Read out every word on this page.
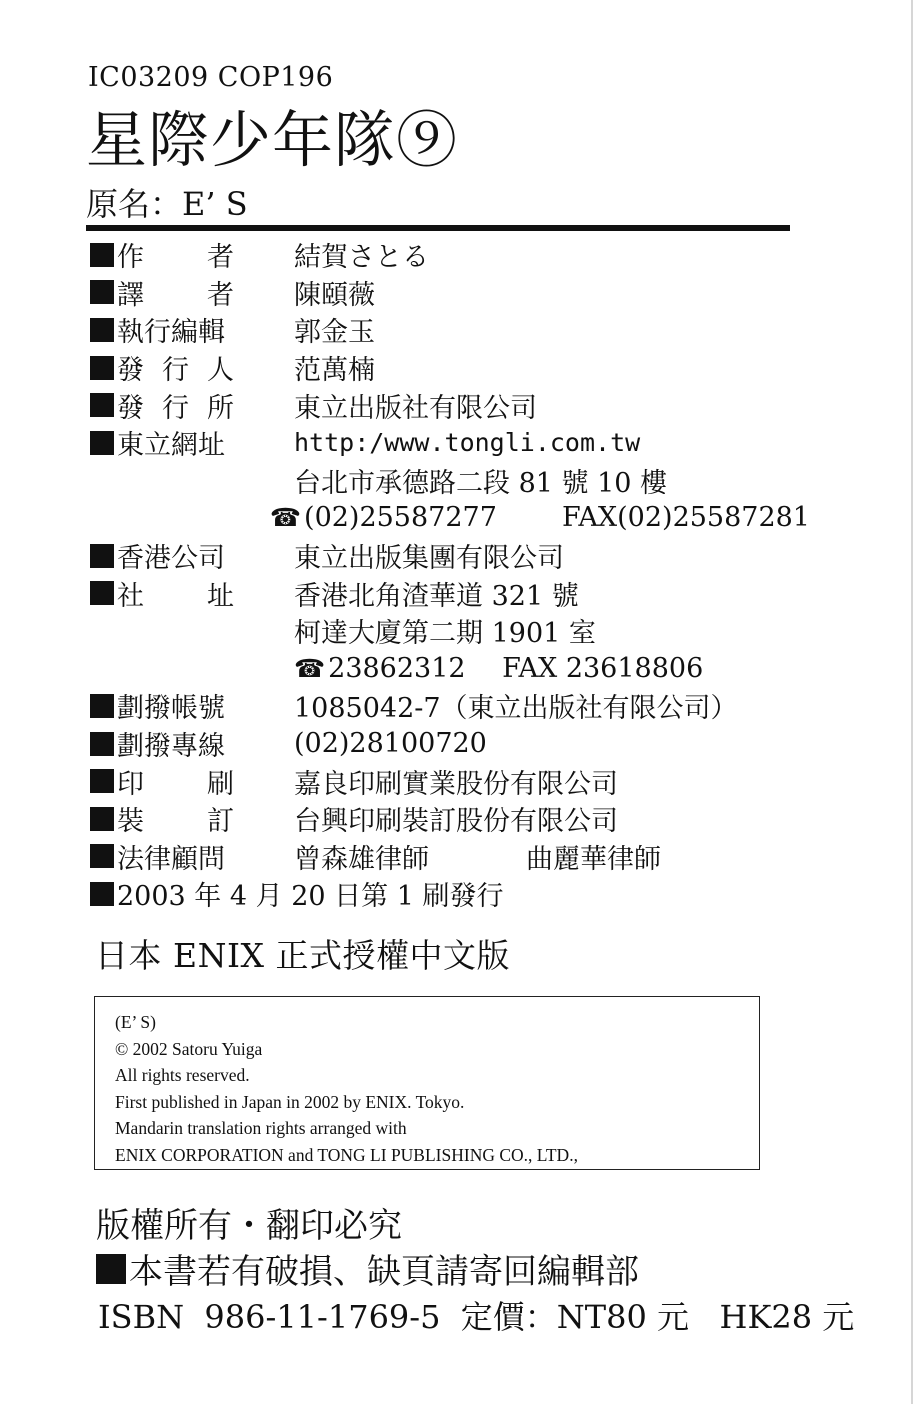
IC03209 COP196
星際少年隊⑨
原名：E’ S
作 者 結賀さとる
譯 者 陳頤薇
執行編輯	郭金玉
發 行 人 范萬楠
發 行 所 東立出版社有限公司
東立網址	http:/www.tongli.com.tw
台北市承德路二段 81 號 10 樓
☎ (02)25587277	FAX(02)25587281
香港公司	東立出版集團有限公司
社 址 香港北角渣華道 321 號
柯達大廈第二期 1901 室
☎ 23862312	FAX 23618806
劃撥帳號	1085042-7（東立出版社有限公司）
劃撥專線	(02)28100720
印 刷 嘉良印刷實業股份有限公司
裝 訂 台興印刷裝訂股份有限公司
法律顧問	曾森雄律師	曲麗華律師
2003 年 4 月 20 日第 1 刷發行
日本 ENIX 正式授權中文版
(E’ S)
© 2002 Satoru Yuiga
All rights reserved.
First published in Japan in 2002 by ENIX. Tokyo.
Mandarin translation rights arranged with
ENIX CORPORATION and TONG LI PUBLISHING CO., LTD.,
版權所有・翻印必究
本書若有破損、缺頁請寄回編輯部
ISBN  986-11-1769-5  定價：NT80 元   HK28 元
